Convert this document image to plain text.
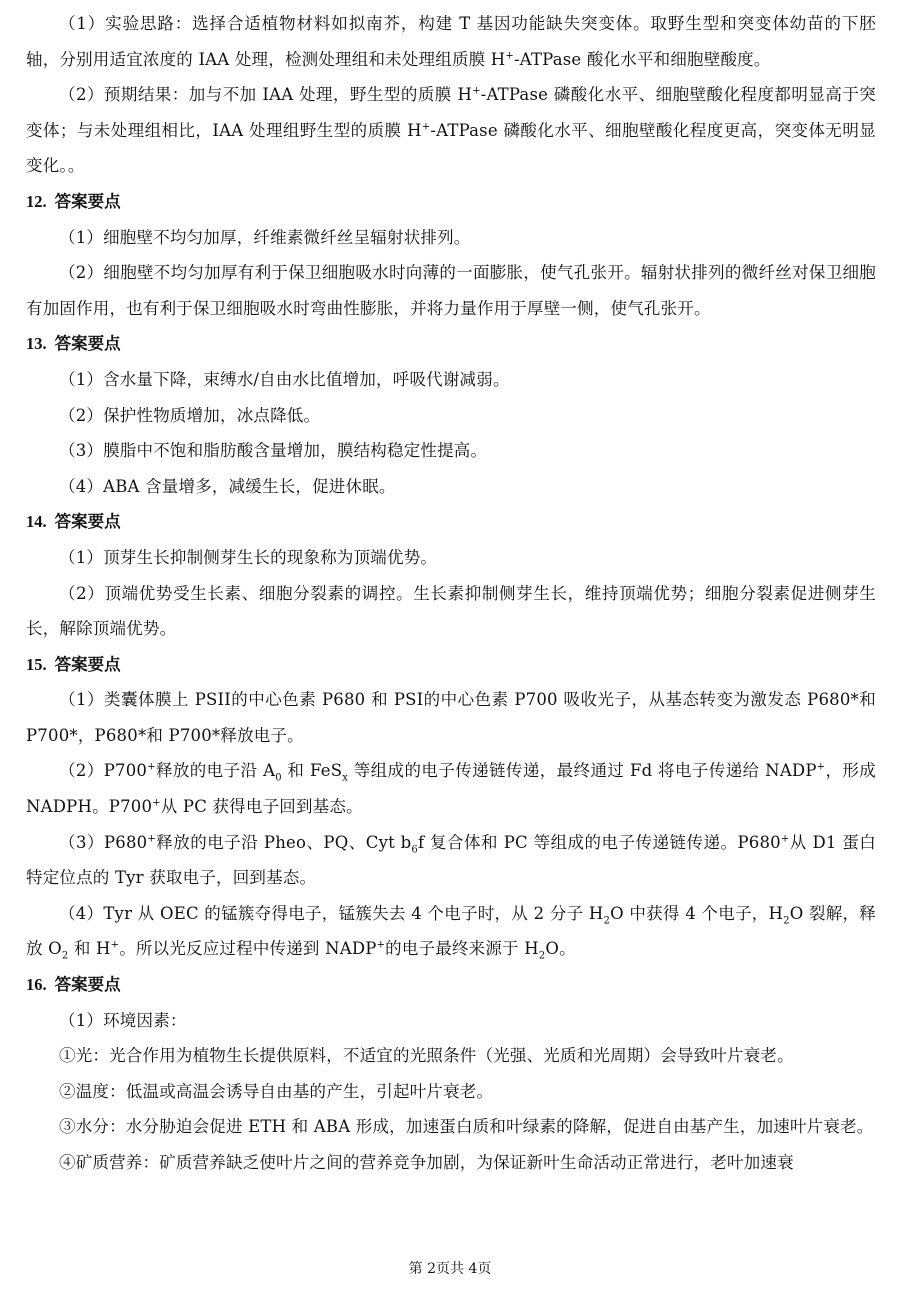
（1）实验思路：选择合适植物材料如拟南芥，构建 T 基因功能缺失突变体。取野生型和突变体幼苗的下胚轴，分别用适宜浓度的 IAA 处理，检测处理组和未处理组质膜 H+-ATPase 酸化水平和细胞壁酸度。

（2）预期结果：加与不加 IAA 处理，野生型的质膜 H+-ATPase 磷酸化水平、细胞壁酸化程度都明显高于突变体；与未处理组相比，IAA 处理组野生型的质膜 H+-ATPase 磷酸化水平、细胞壁酸化程度更高，突变体无明显变化。。

12. 答案要点

（1）细胞壁不均匀加厚，纤维素微纤丝呈辐射状排列。

（2）细胞壁不均匀加厚有利于保卫细胞吸水时向薄的一面膨胀，使气孔张开。辐射状排列的微纤丝对保卫细胞有加固作用，也有利于保卫细胞吸水时弯曲性膨胀，并将力量作用于厚壁一侧，使气孔张开。

13. 答案要点

（1）含水量下降，束缚水/自由水比值增加，呼吸代谢减弱。

（2）保护性物质增加，冰点降低。

（3）膜脂中不饱和脂肪酸含量增加，膜结构稳定性提高。

（4）ABA 含量增多，减缓生长，促进休眠。

14. 答案要点

（1）顶芽生长抑制侧芽生长的现象称为顶端优势。

（2）顶端优势受生长素、细胞分裂素的调控。生长素抑制侧芽生长，维持顶端优势；细胞分裂素促进侧芽生长，解除顶端优势。

15. 答案要点

（1）类囊体膜上 PSII的中心色素 P680 和 PSI的中心色素 P700 吸收光子，从基态转变为激发态 P680*和 P700*，P680*和 P700*释放电子。

（2）P700+释放的电子沿 $A_0$ 和 FeS$_x$ 等组成的电子传递链传递，最终通过 Fd 将电子传递给 NADP+，形成 NADPH。P700+从 PC 获得电子回到基态。

（3）P680+释放的电子沿 Pheo、PQ、Cyt $b_6f$ 复合体和 PC 等组成的电子传递链传递。P680+从 D1 蛋白特定位点的 Tyr 获取电子，回到基态。

（4）Tyr 从 OEC 的锰簇夺得电子，锰簇失去 4 个电子时，从 2 分子 $H_2O$ 中获得 4 个电子，$H_2O$ 裂解，释放 $O_2$ 和 H+。所以光反应过程中传递到 NADP+的电子最终来源于 $H_2O$。

16. 答案要点

（1）环境因素：

①光：光合作用为植物生长提供原料，不适宜的光照条件（光强、光质和光周期）会导致叶片衰老。

②温度：低温或高温会诱导自由基的产生，引起叶片衰老。

③水分：水分胁迫会促进 ETH 和 ABA 形成，加速蛋白质和叶绿素的降解，促进自由基产生，加速叶片衰老。

④矿质营养：矿质营养缺乏使叶片之间的营养竞争加剧，为保证新叶生命活动正常进行，老叶加速衰

第 2页共 4页
